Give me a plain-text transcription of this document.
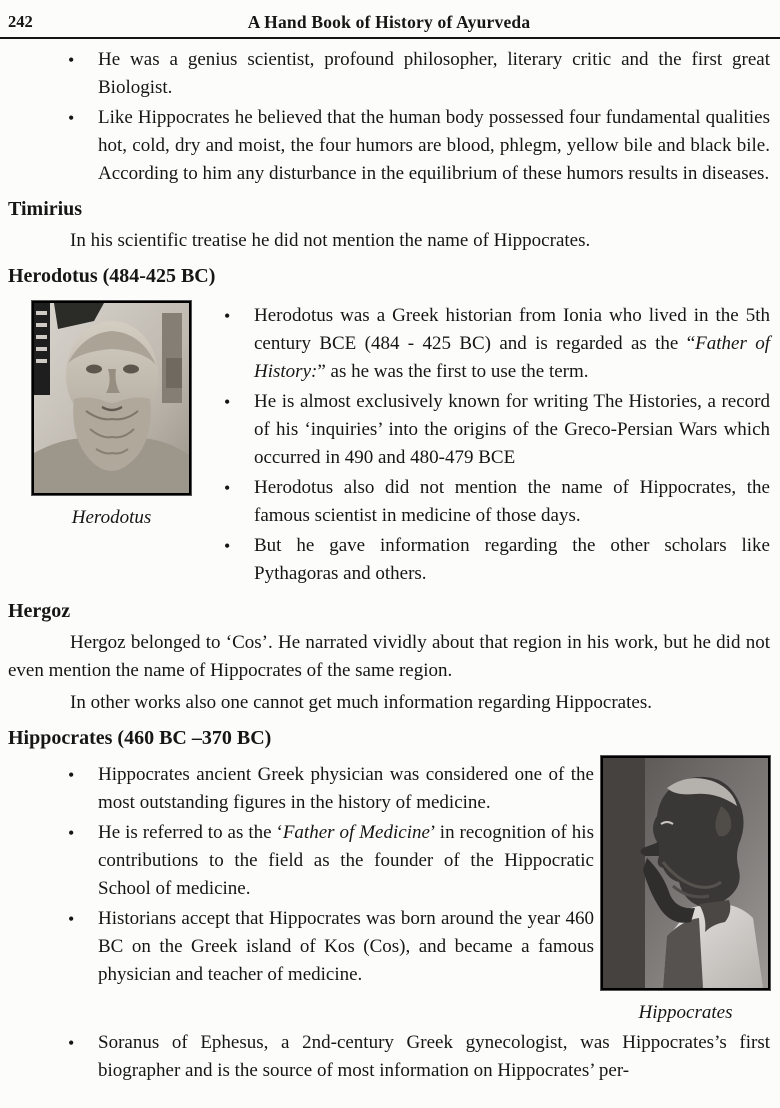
242	A Hand Book of History of Ayurveda
•	He was a genius scientist, profound philosopher, literary critic and the first great Biologist.
•	Like Hippocrates he believed that the human body possessed four fundamental qualities hot, cold, dry and moist, the four humors are blood, phlegm, yellow bile and black bile. According to him any disturbance in the equilibrium of these humors results in diseases.
Timirius

In his scientific treatise he did not mention the name of Hippocrates.

Herodotus (484-425 BC)
Herodotus
•	Herodotus was a Greek historian from Ionia who lived in the 5th century BCE (484 - 425 BC) and is regarded as the “Father of History:” as he was the first to use the term.
•	He is almost exclusively known for writing The Histories, a record of his ‘inquiries’ into the origins of the Greco-Persian Wars which occurred in 490 and 480-479 BCE
•	Herodotus also did not mention the name of Hippocrates, the famous scientist in medicine of those days.
•	But he gave information regarding the other scholars like Pythagoras and others.
Hergoz

Hergoz belonged to ‘Cos’. He narrated vividly about that region in his work, but he did not even mention the name of Hippocrates of the same region.

In other works also one cannot get much information regarding Hippocrates.

Hippocrates (460 BC –370 BC)
•	Hippocrates ancient Greek physician was considered one of the most outstanding figures in the history of medicine.
•	He is referred to as the ‘Father of Medicine’ in recognition of his contributions to the field as the founder of the Hippocratic School of medicine.
•	Historians accept that Hippocrates was born around the year 460 BC on the Greek island of Kos (Cos), and became a famous physician and teacher of medicine.
Hippocrates
•	Soranus of Ephesus, a 2nd-century Greek gynecologist, was Hippocrates’s first biographer and is the source of most information on Hippocrates’ per-
